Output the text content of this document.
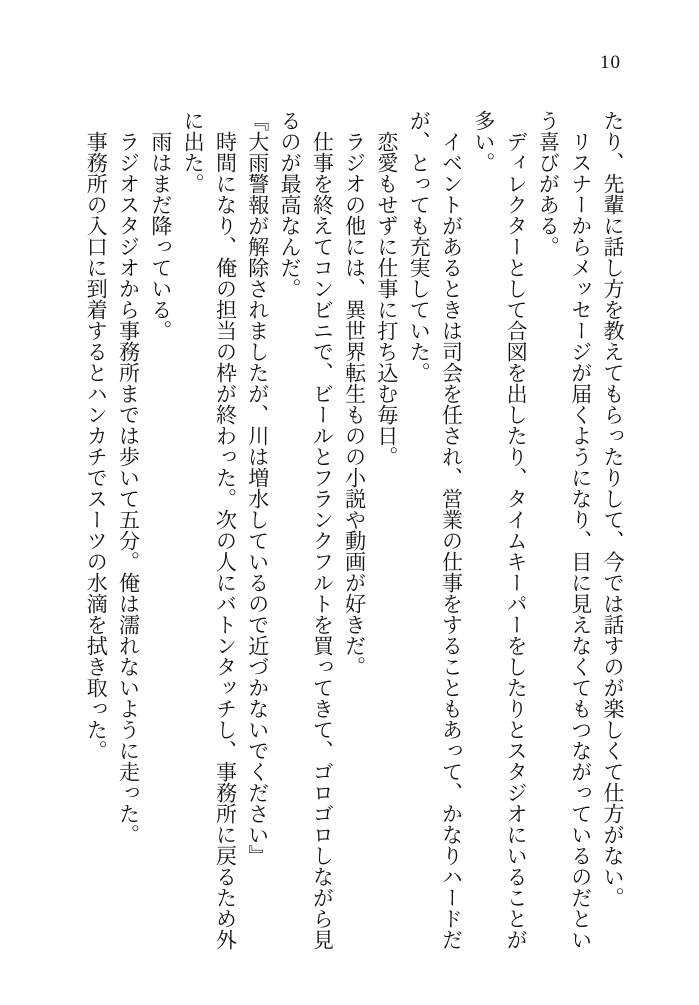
10

たり、先輩に話し方を教えてもらったりして、今では話すのが楽しくて仕方がない。

リスナーからメッセージが届くようになり、目に見えなくてもつながっているのだとい

う喜びがある。

ディレクターとして合図を出したり、タイムキーパーをしたりとスタジオにいることが

多い。

イベントがあるときは司会を任され、営業の仕事をすることもあって、かなりハードだ

が、とっても充実していた。

恋愛もせずに仕事に打ち込む毎日。

ラジオの他には、異世界転生ものの小説や動画が好きだ。

仕事を終えてコンビニで、ビールとフランクフルトを買ってきて、ゴロゴロしながら見

るのが最高なんだ。

『大雨警報が解除されましたが、川は増水しているので近づかないでください』

時間になり、俺の担当の枠が終わった。次の人にバトンタッチし、事務所に戻るため外

に出た。

雨はまだ降っている。

ラジオスタジオから事務所までは歩いて五分。俺は濡れないように走った。

事務所の入口に到着するとハンカチでスーツの水滴を拭き取った。
